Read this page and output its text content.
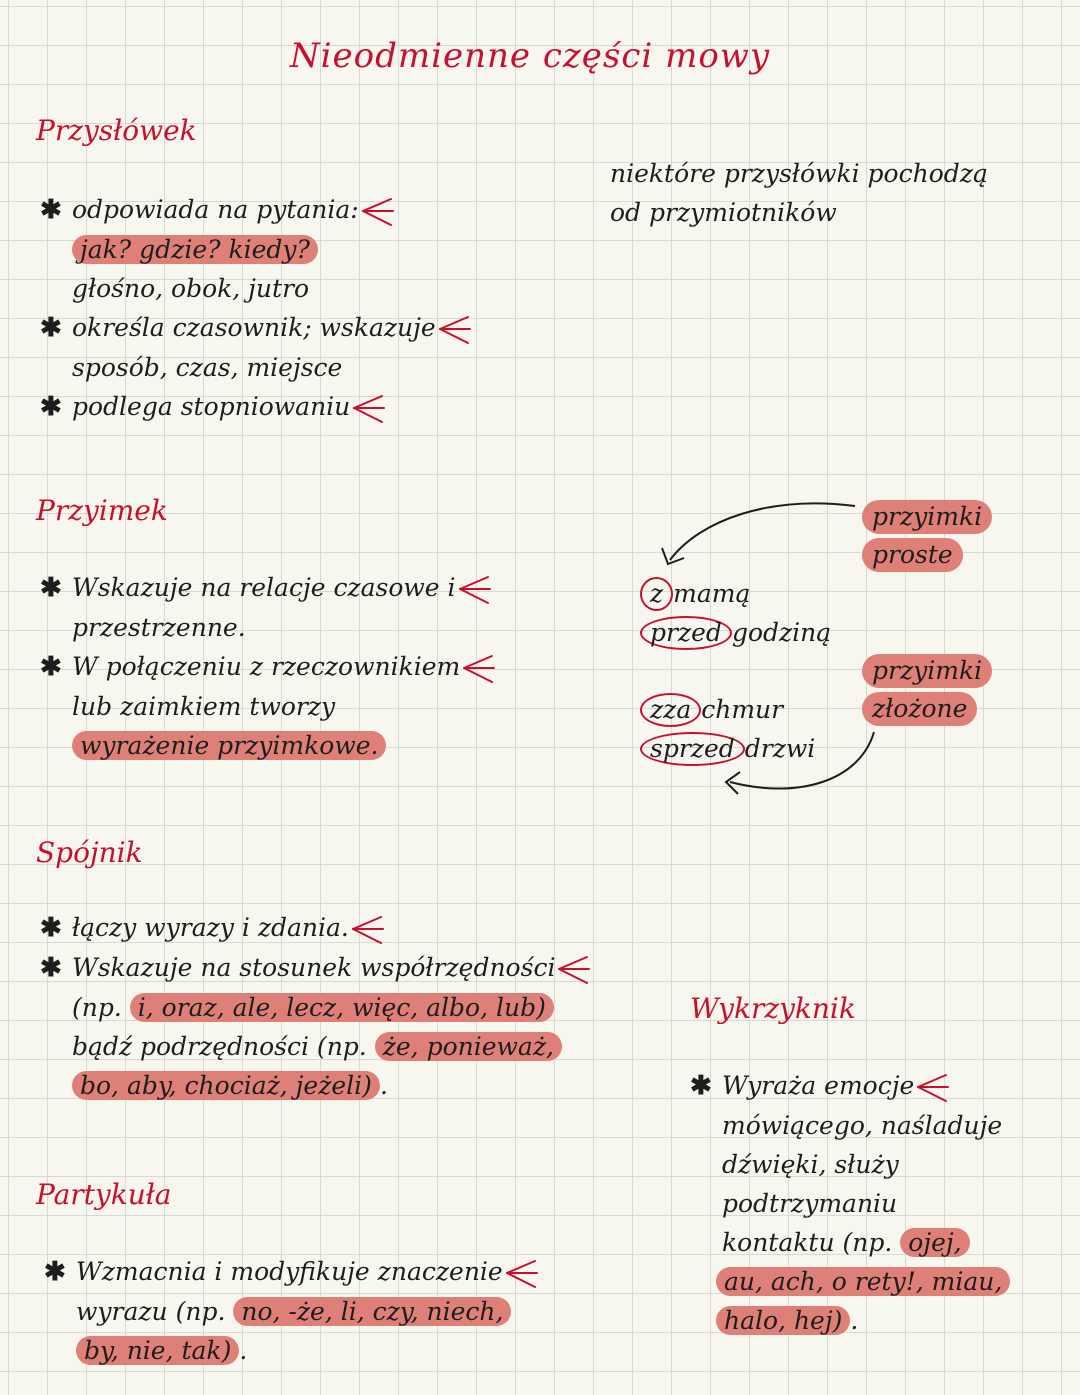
Nieodmienne części mowy
Przysłówek
✱ odpowiada na pytania:
jak? gdzie? kiedy?
głośno, obok, jutro
✱ określa czasownik; wskazuje
sposób, czas, miejsce
✱ podlega stopniowaniu
niektóre przysłówki pochodzą
od przymiotników
Przyimek
✱ Wskazuje na relacje czasowe i
przestrzenne.
✱ W połączeniu z rzeczownikiem
lub zaimkiem tworzy
wyrażenie przyimkowe.
przyimki
proste
przyimki
złożone
z mamą
przed godziną
zza chmur
sprzed drzwi
Spójnik
✱ łączy wyrazy i zdania.
✱ Wskazuje na stosunek współrzędności
(np. i, oraz, ale, lecz, więc, albo, lub)
bądź podrzędności (np. że, ponieważ,
bo, aby, chociaż, jeżeli) .
Partykuła
✱ Wzmacnia i modyfikuje znaczenie
wyrazu (np. no, -że, li, czy, niech,
by, nie, tak) .
Wykrzyknik
✱ Wyraża emocje
mówiącego, naśladuje
dźwięki, służy
podtrzymaniu
kontaktu (np. ojej,
au, ach, o rety!, miau,
halo, hej) .
